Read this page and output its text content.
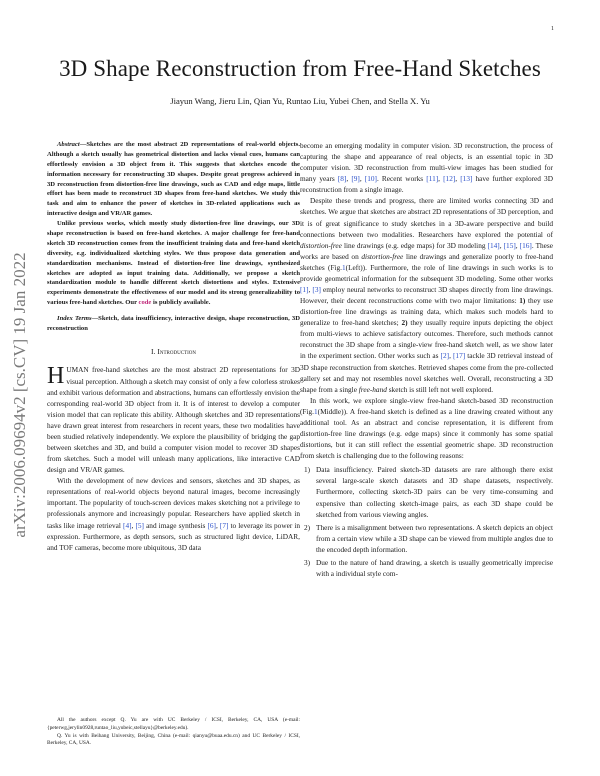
1
arXiv:2006.09694v2 [cs.CV] 19 Jan 2022
3D Shape Reconstruction from Free-Hand Sketches
Jiayun Wang, Jieru Lin, Qian Yu, Runtao Liu, Yubei Chen, and Stella X. Yu

Abstract—Sketches are the most abstract 2D representations of real-world objects. Although a sketch usually has geometrical distortion and lacks visual cues, humans can effortlessly envision a 3D object from it. This suggests that sketches encode the information necessary for reconstructing 3D shapes. Despite great progress achieved in 3D reconstruction from distortion-free line drawings, such as CAD and edge maps, little effort has been made to reconstruct 3D shapes from free-hand sketches. We study this task and aim to enhance the power of sketches in 3D-related applications such as interactive design and VR/AR games.

Unlike previous works, which mostly study distortion-free line drawings, our 3D shape reconstruction is based on free-hand sketches. A major challenge for free-hand sketch 3D reconstruction comes from the insufficient training data and free-hand sketch diversity, e.g. individualized sketching styles. We thus propose data generation and standardization mechanisms. Instead of distortion-free line drawings, synthesized sketches are adopted as input training data. Additionally, we propose a sketch standardization module to handle different sketch distortions and styles. Extensive experiments demonstrate the effectiveness of our model and its strong generalizability to various free-hand sketches. Our code is publicly available.

Index Terms—Sketch, data insufficiency, interactive design, shape reconstruction, 3D reconstruction

I. Introduction

HUMAN free-hand sketches are the most abstract 2D representations for 3D visual perception. Although a sketch may consist of only a few colorless strokes and exhibit various deformation and abstractions, humans can effortlessly envision the corresponding real-world 3D object from it. It is of interest to develop a computer vision model that can replicate this ability. Although sketches and 3D representations have drawn great interest from researchers in recent years, these two modalities have been studied relatively independently. We explore the plausibility of bridging the gap between sketches and 3D, and build a computer vision model to recover 3D shapes from sketches. Such a model will unleash many applications, like interactive CAD design and VR/AR games.

With the development of new devices and sensors, sketches and 3D shapes, as representations of real-world objects beyond natural images, become increasingly important. The popularity of touch-screen devices makes sketching not a privilege to professionals anymore and increasingly popular. Researchers have applied sketch in tasks like image retrieval [4], [5] and image synthesis [6], [7] to leverage its power in expression. Furthermore, as depth sensors, such as structured light device, LiDAR, and TOF cameras, become more ubiquitous, 3D data

All the authors except Q. Yu are with UC Berkeley / ICSI, Berkeley, CA, USA (e-mail: {peterwg,jerylin0928,runtao_liu,yubeic,stellayu}@berkeley.edu).

Q. Yu is with Beihang University, Beijing, China (e-mail: qianyu@buaa.edu.cn) and UC Berkeley / ICSI, Berkeley, CA, USA.

become an emerging modality in computer vision. 3D reconstruction, the process of capturing the shape and appearance of real objects, is an essential topic in 3D computer vision. 3D reconstruction from multi-view images has been studied for many years [8], [9], [10]. Recent works [11], [12], [13] have further explored 3D reconstruction from a single image.

Despite these trends and progress, there are limited works connecting 3D and sketches. We argue that sketches are abstract 2D representations of 3D perception, and it is of great significance to study sketches in a 3D-aware perspective and build connections between two modalities. Researchers have explored the potential of distortion-free line drawings (e.g. edge maps) for 3D modeling [14], [15], [16]. These works are based on distortion-free line drawings and generalize poorly to free-hand sketches (Fig.1(Left)). Furthermore, the role of line drawings in such works is to provide geometrical information for the subsequent 3D modeling. Some other works [1], [3] employ neural networks to reconstruct 3D shapes directly from line drawings. However, their decent reconstructions come with two major limitations: 1) they use distortion-free line drawings as training data, which makes such models hard to generalize to free-hand sketches; 2) they usually require inputs depicting the object from multi-views to achieve satisfactory outcomes. Therefore, such methods cannot reconstruct the 3D shape from a single-view free-hand sketch well, as we show later in the experiment section. Other works such as [2], [17] tackle 3D retrieval instead of 3D shape reconstruction from sketches. Retrieved shapes come from the pre-collected gallery set and may not resembles novel sketches well. Overall, reconstructing a 3D shape from a single free-hand sketch is still left not well explored.

In this work, we explore single-view free-hand sketch-based 3D reconstruction (Fig.1(Middle)). A free-hand sketch is defined as a line drawing created without any additional tool. As an abstract and concise representation, it is different from distortion-free line drawings (e.g. edge maps) since it commonly has some spatial distortions, but it can still reflect the essential geometric shape. 3D reconstruction from sketch is challenging due to the following reasons:

1) Data insufficiency. Paired sketch-3D datasets are rare although there exist several large-scale sketch datasets and 3D shape datasets, respectively. Furthermore, collecting sketch-3D pairs can be very time-consuming and expensive than collecting sketch-image pairs, as each 3D shape could be sketched from various viewing angles.
2) There is a misalignment between two representations. A sketch depicts an object from a certain view while a 3D shape can be viewed from multiple angles due to the encoded depth information.
3) Due to the nature of hand drawing, a sketch is usually geometrically imprecise with a individual style com-
